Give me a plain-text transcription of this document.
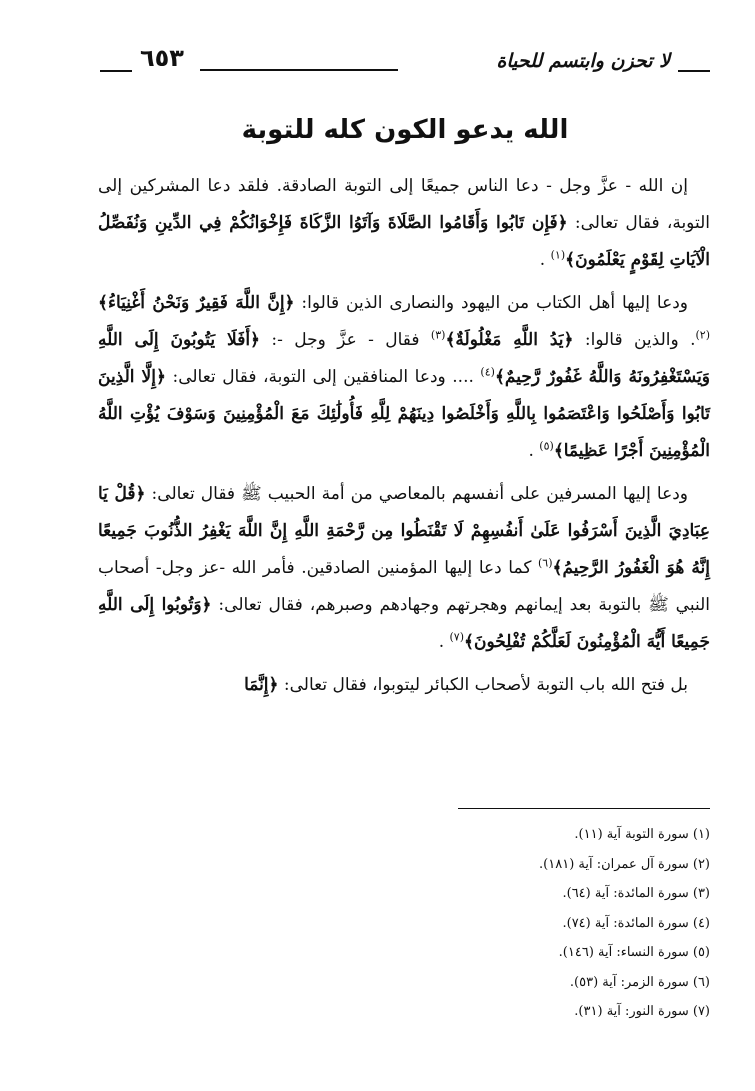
لا تحزن وابتسم للحياة
٦٥٣
الله يدعو الكون كله للتوبة

إن الله - عزَّ وجل - دعا الناس جميعًا إلى التوبة الصادقة. فلقد دعا المشركين إلى التوبة، فقال تعالى: ﴿فَإِن تَابُوا وَأَقَامُوا الصَّلَاةَ وَآتَوُا الزَّكَاةَ فَإِخْوَانُكُمْ فِي الدِّينِ وَنُفَصِّلُ الْآيَاتِ لِقَوْمٍ يَعْلَمُونَ﴾$^{(١)}$ .

ودعا إليها أهل الكتاب من اليهود والنصارى الذين قالوا: ﴿إِنَّ اللَّهَ فَقِيرٌ وَنَحْنُ أَغْنِيَاءُ﴾$^{(٢)}$. والذين قالوا: ﴿يَدُ اللَّهِ مَغْلُولَةٌ﴾$^{(٣)}$ فقال - عزَّ وجل -: ﴿أَفَلَا يَتُوبُونَ إِلَى اللَّهِ وَيَسْتَغْفِرُونَهُ وَاللَّهُ غَفُورٌ رَّحِيمٌ﴾$^{(٤)}$ .... ودعا المنافقين إلى التوبة، فقال تعالى: ﴿إِلَّا الَّذِينَ تَابُوا وَأَصْلَحُوا وَاعْتَصَمُوا بِاللَّهِ وَأَخْلَصُوا دِينَهُمْ لِلَّهِ فَأُولَٰئِكَ مَعَ الْمُؤْمِنِينَ وَسَوْفَ يُؤْتِ اللَّهُ الْمُؤْمِنِينَ أَجْرًا عَظِيمًا﴾$^{(٥)}$ .

ودعا إليها المسرفين على أنفسهم بالمعاصي من أمة الحبيب ﷺ فقال تعالى: ﴿قُلْ يَا عِبَادِيَ الَّذِينَ أَسْرَفُوا عَلَىٰ أَنفُسِهِمْ لَا تَقْنَطُوا مِن رَّحْمَةِ اللَّهِ إِنَّ اللَّهَ يَغْفِرُ الذُّنُوبَ جَمِيعًا إِنَّهُ هُوَ الْغَفُورُ الرَّحِيمُ﴾$^{(٦)}$ كما دعا إليها المؤمنين الصادقين. فأمر الله -عز وجل- أصحاب النبي ﷺ بالتوبة بعد إيمانهم وهجرتهم وجهادهم وصبرهم، فقال تعالى: ﴿وَتُوبُوا إِلَى اللَّهِ جَمِيعًا أَيُّهَ الْمُؤْمِنُونَ لَعَلَّكُمْ تُفْلِحُونَ﴾$^{(٧)}$ .

بل فتح الله باب التوبة لأصحاب الكبائر ليتوبوا، فقال تعالى: ﴿إِنَّمَا

(١) سورة التوبة آية (١١).
(٢) سورة آل عمران: آية (١٨١).
(٣) سورة المائدة: آية (٦٤).
(٤) سورة المائدة: آية (٧٤).
(٥) سورة النساء: آية (١٤٦).
(٦) سورة الزمر: آية (٥٣).
(٧) سورة النور: آية (٣١).
